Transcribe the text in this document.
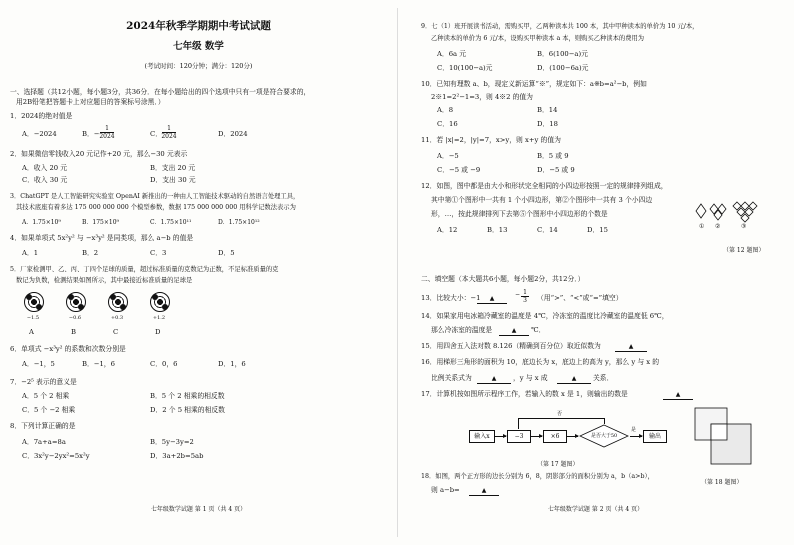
2024年秋季学期期中考试试题
七年级 数学
(考试时间：120分钟；满分：120分)
一、选择题（共12小题，每小题3分，共36分．在每小题给出的四个选项中只有一项是符合要求的，
用2B铅笔把答题卡上对应题目的答案标号涂黑．）
1．2024的绝对值是
A．−2024	B．−
1
2024	C．
1
2024	D．2024
2．如果微信零钱收入20 元记作+20 元，那么−30 元表示
A．收入 20 元	B．支出 20 元
C．收入 30 元	D．支出 30 元
3．ChatGPT 是人工智能研究实验室 OpenAI 新推出的一种由人工智能技术驱动的自然语言处理工具，
其技术底座有着多达 175 000 000 000 个模型参数，数据 175 000 000 000 用科学记数法表示为
A．1.75×10⁹	B．175×10⁹	C．1.75×10¹¹	D．1.75×10¹²
4．如果单项式 5x²y² 与 −x³y² 是同类项，那么 a−b 的值是
A．1	B．2	C．3	D．5
5．厂家检测甲、乙、丙、丁四个足球的质量，超过标准质量的克数记为正数，不足标准质量的克
数记为负数，检测结果如图所示，其中最接近标准质量的足球是
−1.5	−0.6	+0.3	+1.2
A	B	C	D
6．单项式 −x³y² 的系数和次数分别是
A．−1，5	B．−1，6	C．0，6	D．1，6
7．−2⁵ 表示的意义是
A．5 个 2 相乘	B．5 个 2 相乘的相反数
C．5 个 −2 相乘	D．2 个 5 相乘的相反数
8．下列计算正确的是
A．7a+a=8a	B．5y−3y=2
C．3x²y−2yx²=5x²y	D．3a+2b=5ab
七年级数学试题 第 1 页（共 4 页）
9．七（1）班开展读书活动，需购买甲，乙两种读本共 100 本，其中甲种读本的单价为 10 元/本，
乙种读本的单价为 6 元/本，设购买甲种读本 a 本，则购买乙种读本的费用为
A．6a 元	B．6(100−a)元
C．10(100−a)元	D．(100−6a)元
10．已知有理数 a、b，现定义新运算“※”，规定如下：a※b=a²−b，例如
2※1=2²−1=3，则 4※2 的值为
A．8	B．14
C．16	D．18
11．若 |x|=2，|y|=7，x>y，则 x+y 的值为
A．−5	B．5 或 9
C．−5 或 −9	D．−5 或 9
12．如图，图中都是由大小和形状完全相同的小四边形按照一定的规律排列组成，
其中第①个图形中一共有 1 个小四边形，第②个图形中一共有 3 个小四边
形，…，按此规律排列下去第⑤个图形中小四边形的个数是
A．12	B．13	C．14	D．15	① ②	③
（第 12 题图）
二、填空题（本大题共6小题，每小题2分，共12分．）
13．比较大小：−1	▲
− 1
3	（用“>”、“<”或“=”填空）
14．如果家用电冰箱冷藏室的温度是 4℃，冷冻室的温度比冷藏室的温度低 6℃，
那么冷冻室的温度是	▲	℃．
15．用四舍五入法对数 8.126（精确到百分位）取近似数为	▲
16．用梯形三角形的面积为 10，底边长为 x，底边上的高为 y，那么 y 与 x 的
比例关系式为	▲	，y 与 x 成	▲	关系．
17．计算机按如图所示程序工作，若输入的数 x 是 1，则输出的数是	▲
输入x	−3	×6	是否大于50
是
输出
否
（第 17 题图）
（第 18 题图）
18．如图，两个正方形的边长分别为 6，8，阴影部分的面积分别为 a，b（a>b），
则 a−b=	▲
七年级数学试题 第 2 页（共 4 页）
